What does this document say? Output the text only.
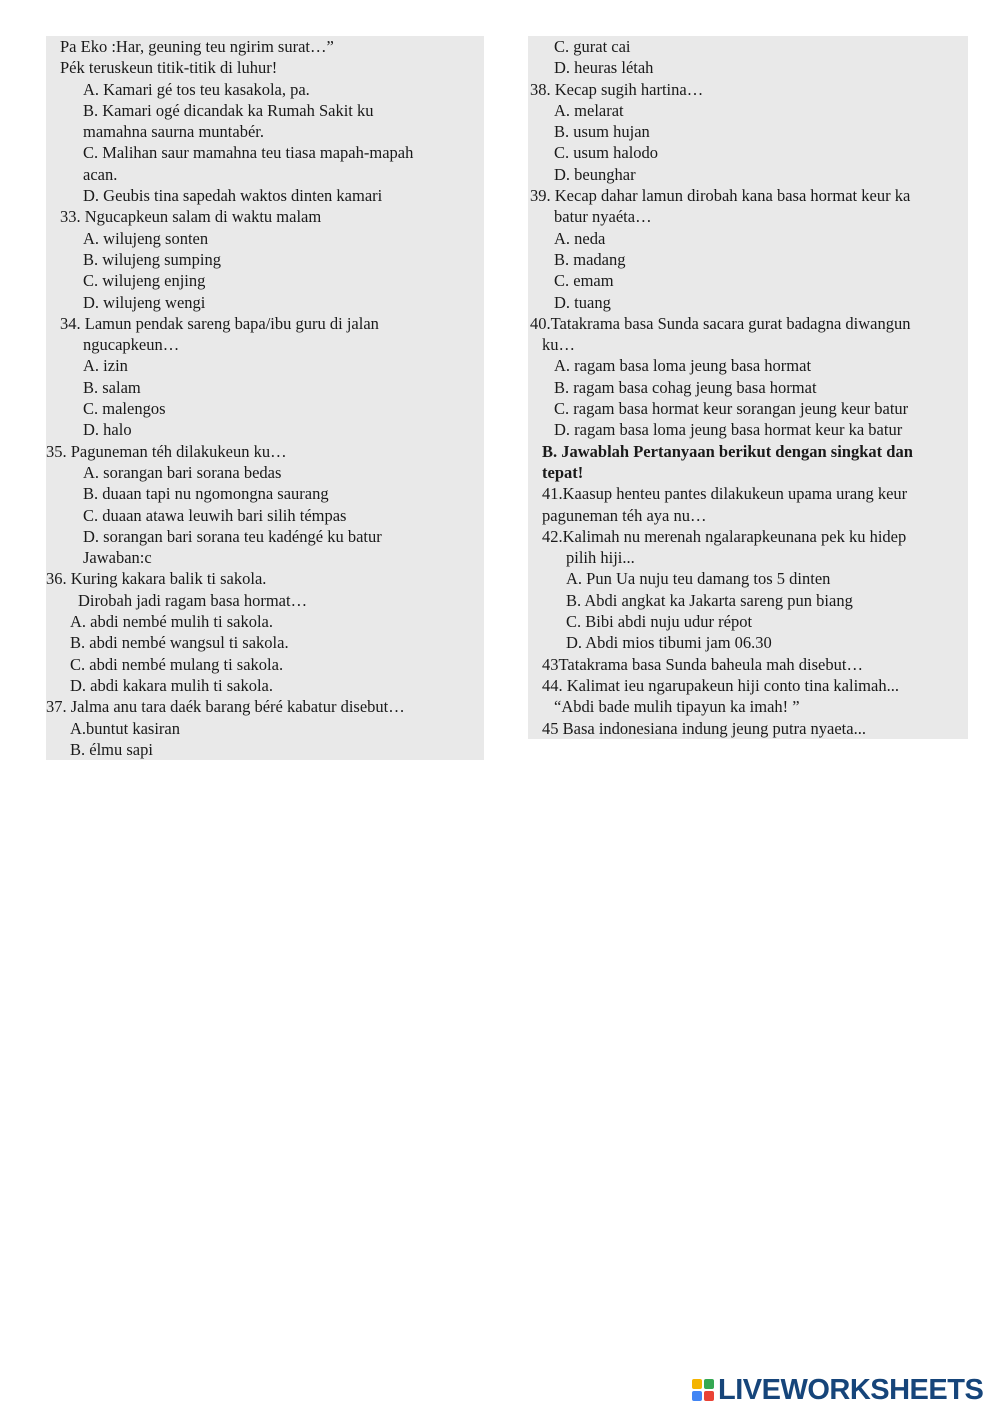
Pa Eko :Har, geuning teu ngirim surat…”
Pék teruskeun titik-titik di luhur!
A. Kamari gé tos teu kasakola, pa.
B. Kamari ogé dicandak ka Rumah Sakit ku
mamahna saurna muntabér.
C. Malihan saur mamahna teu tiasa mapah-mapah
acan.
D. Geubis tina sapedah waktos dinten kamari
33. Ngucapkeun salam di waktu malam
A. wilujeng sonten
B. wilujeng sumping
C. wilujeng enjing
D. wilujeng wengi
34. Lamun pendak sareng bapa/ibu guru di jalan
ngucapkeun…
A. izin
B. salam
C. malengos
D. halo
35. Paguneman téh dilakukeun ku…
A. sorangan bari sorana bedas
B. duaan tapi nu ngomongna saurang
C. duaan atawa leuwih bari silih témpas
D. sorangan bari sorana teu kadéngé ku batur
Jawaban:c
36. Kuring kakara balik ti sakola.
Dirobah jadi ragam basa hormat…
A. abdi nembé mulih ti sakola.
B. abdi nembé wangsul ti sakola.
C. abdi nembé mulang ti sakola.
D. abdi kakara mulih ti sakola.
37. Jalma anu tara daék barang béré kabatur disebut…
A.buntut kasiran
B. élmu sapi
C. gurat cai
D. heuras létah
38. Kecap sugih hartina…
A. melarat
B. usum hujan
C. usum halodo
D. beunghar
39. Kecap dahar lamun dirobah kana basa hormat keur ka
batur nyaéta…
A. neda
B. madang
C. emam
D. tuang
40.Tatakrama basa Sunda sacara gurat badagna diwangun
ku…
A. ragam basa loma jeung basa hormat
B. ragam basa cohag jeung basa hormat
C. ragam basa hormat keur sorangan jeung keur batur
D. ragam basa loma jeung basa hormat keur ka batur
B. Jawablah Pertanyaan berikut dengan singkat dan
tepat!
41.Kaasup henteu pantes dilakukeun upama urang keur
paguneman téh aya nu…
42.Kalimah nu merenah ngalarapkeunana pek ku hidep
pilih hiji...
A. Pun Ua nuju teu damang tos 5 dinten
B. Abdi angkat ka Jakarta sareng pun biang
C. Bibi abdi nuju udur répot
D. Abdi mios tibumi jam 06.30
43Tatakrama basa Sunda baheula mah disebut…
44. Kalimat ieu ngarupakeun hiji conto tina kalimah...
“Abdi bade mulih tipayun ka imah! ”
45 Basa indonesiana indung jeung putra nyaeta...
LIVEWORKSHEETS
